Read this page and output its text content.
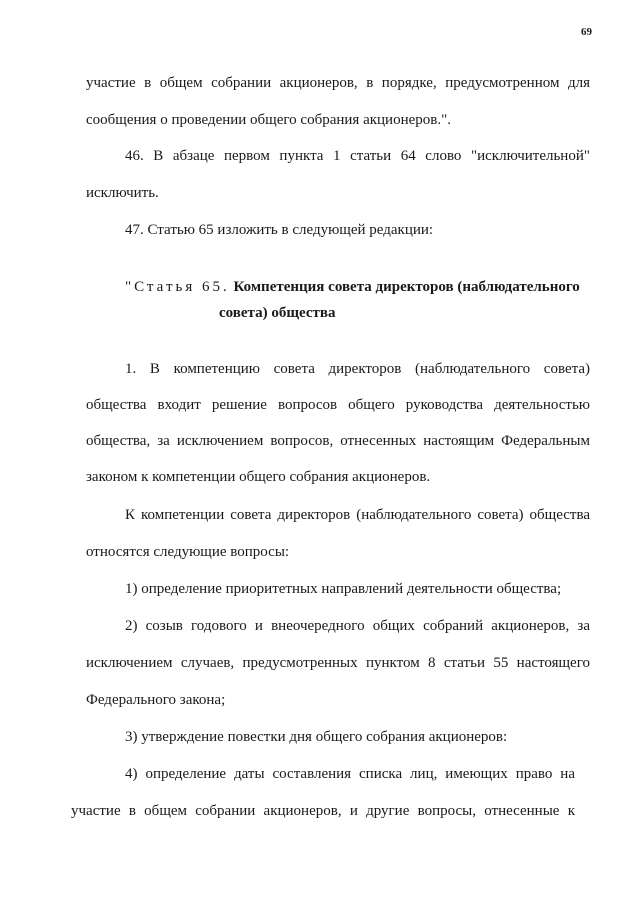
69
участие в общем собрании акционеров, в порядке, предусмотренном для
сообщения о проведении общего собрания акционеров.".
46. В абзаце первом пункта 1 статьи 64 слово "исключительной"
исключить.
47. Статью 65 изложить в следующей редакции:
"Статья 65. Компетенция совета директоров (наблюдательного
совета) общества
1. В компетенцию совета директоров (наблюдательного совета)
общества входит решение вопросов общего руководства деятельностью
общества, за исключением вопросов, отнесенных настоящим Федеральным
законом к компетенции общего собрания акционеров.
К компетенции совета директоров (наблюдательного совета) общества
относятся следующие вопросы:
1) определение приоритетных направлений деятельности общества;
2) созыв годового и внеочередного общих собраний акционеров, за
исключением случаев, предусмотренных пунктом 8 статьи 55 настоящего
Федерального закона;
3) утверждение повестки дня общего собрания акционеров:
4) определение даты составления списка лиц, имеющих право на
участие в общем собрании акционеров, и другие вопросы, отнесенные к
